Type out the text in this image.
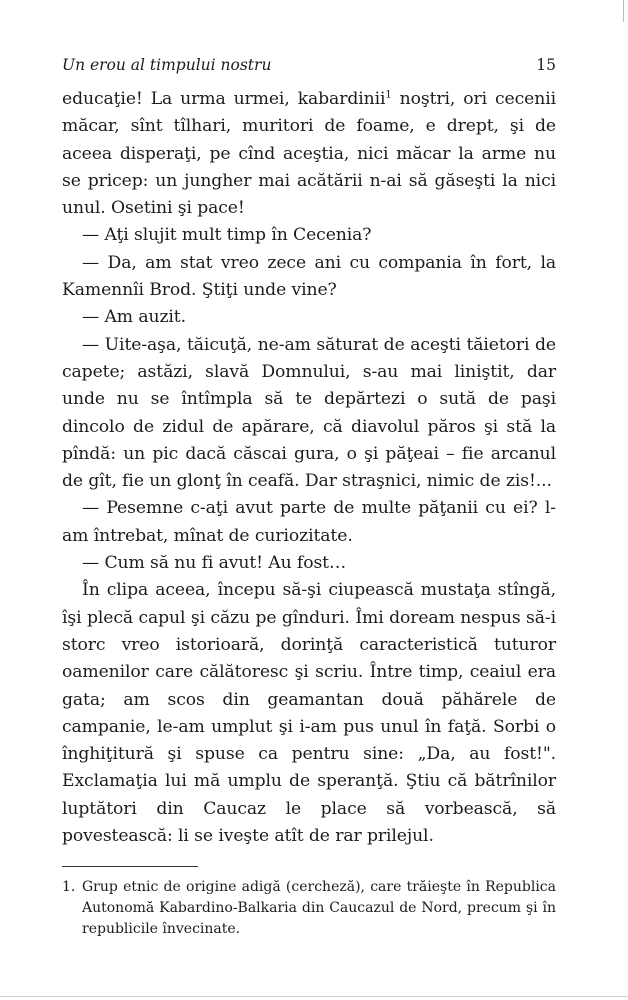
Un erou al timpului nostru	15

educaţie! La urma urmei, kabardinii$^1$ noştri, ori cecenii măcar, sînt tîlhari, muritori de foame, e drept, şi de aceea disperaţi, pe cînd aceştia, nici măcar la arme nu se pricep: un jungher mai acătării n-ai să găseşti la nici unul. Osetini şi pace!

— Aţi slujit mult timp în Cecenia?

— Da, am stat vreo zece ani cu compania în fort, la Kamennîi Brod. Ştiţi unde vine?

— Am auzit.

— Uite-aşa, tăicuţă, ne-am săturat de aceşti tăietori de capete; astăzi, slavă Domnului, s-au mai liniştit, dar unde nu se întîmpla să te depărtezi o sută de paşi dincolo de zidul de apărare, că diavolul păros şi stă la pîndă: un pic dacă căscai gura, o şi păţeai – fie arcanul de gît, fie un glonţ în ceafă. Dar straşnici, nimic de zis!...

— Pesemne c-aţi avut parte de multe păţanii cu ei? l-am întrebat, mînat de curiozitate.

— Cum să nu fi avut! Au fost…

În clipa aceea, începu să-şi ciupească mustaţa stîngă, îşi plecă capul şi căzu pe gînduri. Îmi doream nespus să-i storc vreo istorioară, dorinţă caracteristică tuturor oamenilor care călătoresc şi scriu. Între timp, ceaiul era gata; am scos din geamantan două păhărele de campanie, le-am umplut şi i-am pus unul în faţă. Sorbi o înghiţitură şi spuse ca pentru sine: „Da, au fost!". Exclamaţia lui mă umplu de speranţă. Ştiu că bătrînilor luptători din Caucaz le place să vorbească, să povestească: li se iveşte atît de rar prilejul.

1. Grup etnic de origine adigă (cercheză), care trăieşte în Republica Autonomă Kabardino-Balkaria din Caucazul de Nord, precum şi în republicile învecinate.
